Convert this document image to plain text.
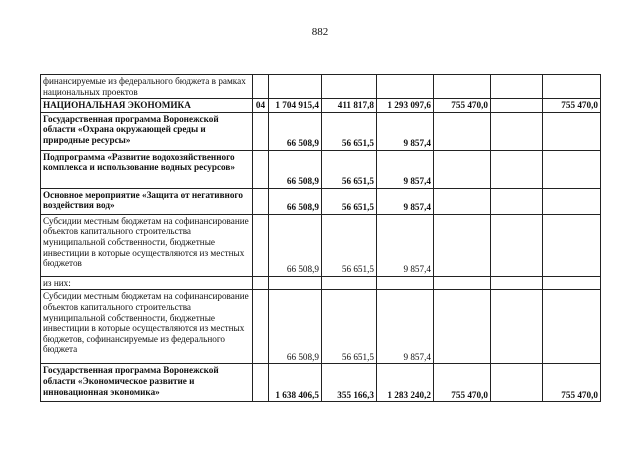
882
финансируемые из федерального бюджета в рамках национальных проектов							
НАЦИОНАЛЬНАЯ ЭКОНОМИКА	04	1 704 915,4	411 817,8	1 293 097,6	755 470,0		755 470,0
Государственная программа Воронежской области «Охрана окружающей среды и природные ресурсы»		66 508,9	56 651,5	9 857,4			
Подпрограмма «Развитие водохозяйственного комплекса и использование водных ресурсов»		66 508,9	56 651,5	9 857,4			
Основное мероприятие «Защита от негативного воздействия вод»		66 508,9	56 651,5	9 857,4			
Субсидии местным бюджетам на софинансирование объектов капитального строительства муниципальной собственности, бюджетные инвестиции в которые осуществляются из местных бюджетов		66 508,9	56 651,5	9 857,4			
из них:							
Субсидии местным бюджетам на софинансирование объектов капитального строительства муниципальной собственности, бюджетные инвестиции в которые осуществляются из местных бюджетов, софинансируемые из федерального бюджета		66 508,9	56 651,5	9 857,4			
Государственная программа Воронежской области «Экономическое развитие и инновационная экономика»		1 638 406,5	355 166,3	1 283 240,2	755 470,0		755 470,0
